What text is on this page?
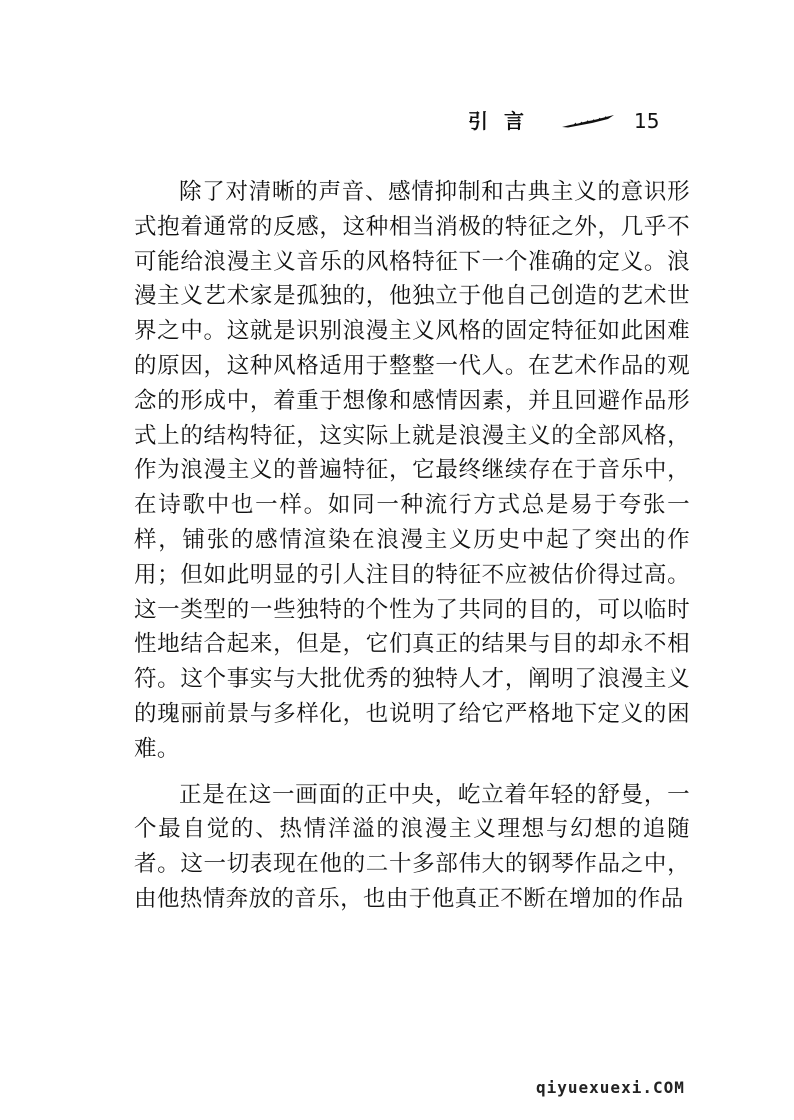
引言	15

除了对清晰的声音、感情抑制和古典主义的意识形式抱着通常的反感，这种相当消极的特征之外，几乎不可能给浪漫主义音乐的风格特征下一个准确的定义。浪漫主义艺术家是孤独的，他独立于他自己创造的艺术世界之中。这就是识别浪漫主义风格的固定特征如此困难的原因，这种风格适用于整整一代人。在艺术作品的观念的形成中，着重于想像和感情因素，并且回避作品形式上的结构特征，这实际上就是浪漫主义的全部风格，作为浪漫主义的普遍特征，它最终继续存在于音乐中，在诗歌中也一样。如同一种流行方式总是易于夸张一样，铺张的感情渲染在浪漫主义历史中起了突出的作用；但如此明显的引人注目的特征不应被估价得过高。这一类型的一些独特的个性为了共同的目的，可以临时性地结合起来，但是，它们真正的结果与目的却永不相符。这个事实与大批优秀的独特人才，阐明了浪漫主义的瑰丽前景与多样化，也说明了给它严格地下定义的困难。

正是在这一画面的正中央，屹立着年轻的舒曼，一个最自觉的、热情洋溢的浪漫主义理想与幻想的追随者。这一切表现在他的二十多部伟大的钢琴作品之中，由他热情奔放的音乐，也由于他真正不断在增加的作品

qiyuexuexi.COM
